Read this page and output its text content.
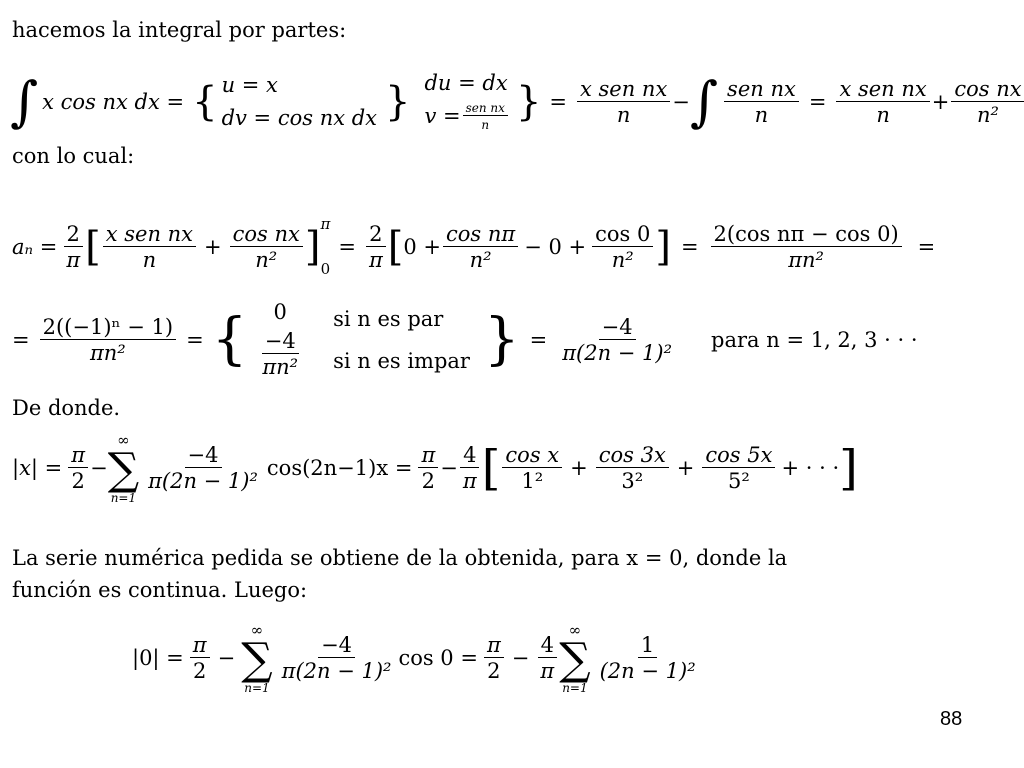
hacemos la integral por partes:
∫ x cos nx dx = { u = x
dv = cos nx dx } du = dx
$v = \frac{\text{sen nx}}{n}$ } = $\frac{\text{x sen nx}}{n}$ − ∫ $\frac{\text{sen nx}}{n} = \frac{\text{x sen nx}}{n} + \frac{\text{cos nx}}{\text{n²}}$
con lo cual:
$a_n = \frac{2}{\pi}$ [ $\frac{\text{x sen nx}}{n} + \frac{\text{cos nx}}{\text{n²}}$ ] π
0
= $\frac{2}{\pi}$ [ $0 + \frac{\text{cos nπ}}{\text{n²}} - 0 + \frac{\cos 0}{\text{n²}}$ ] = $\frac{\text{2(cos nπ − cos 0)}}{\text{πn²}}$ =
= $\frac{\text{2((−1)ⁿ − 1)}}{\text{πn²}}$ = {	0
$\frac{-4}{\text{πn²}}$
si n es par
si n es impar } = $\frac{-4}{\text{π(2n − 1)²}}$ para n = 1, 2, 3 · · ·
De donde.
$|x| = \frac{\pi}{2}$ −
∞
∑
n=1
$\frac{-4}{\text{π(2n − 1)²}} \cos(2n-1)x = \frac{\pi}{2} - \frac{4}{\pi}$ [ $\frac{\text{cos x}}{\text{1²}} + \frac{\cos 3x}{\text{3²}} + \frac{\cos 5x}{\text{5²}}$ + · · · ]
La serie numérica pedida se obtiene de la obtenida, para x = 0, donde la
función es continua. Luego:
$|0| = \frac{\pi}{2}$ −
∞
∑
n=1
$\frac{-4}{\text{π(2n − 1)²}}$ $\cos 0 = \frac{\pi}{2} - \frac{4}{\pi}$
∞
∑
n=1
$\frac{1}{\text{(2n − 1)²}}$
88
